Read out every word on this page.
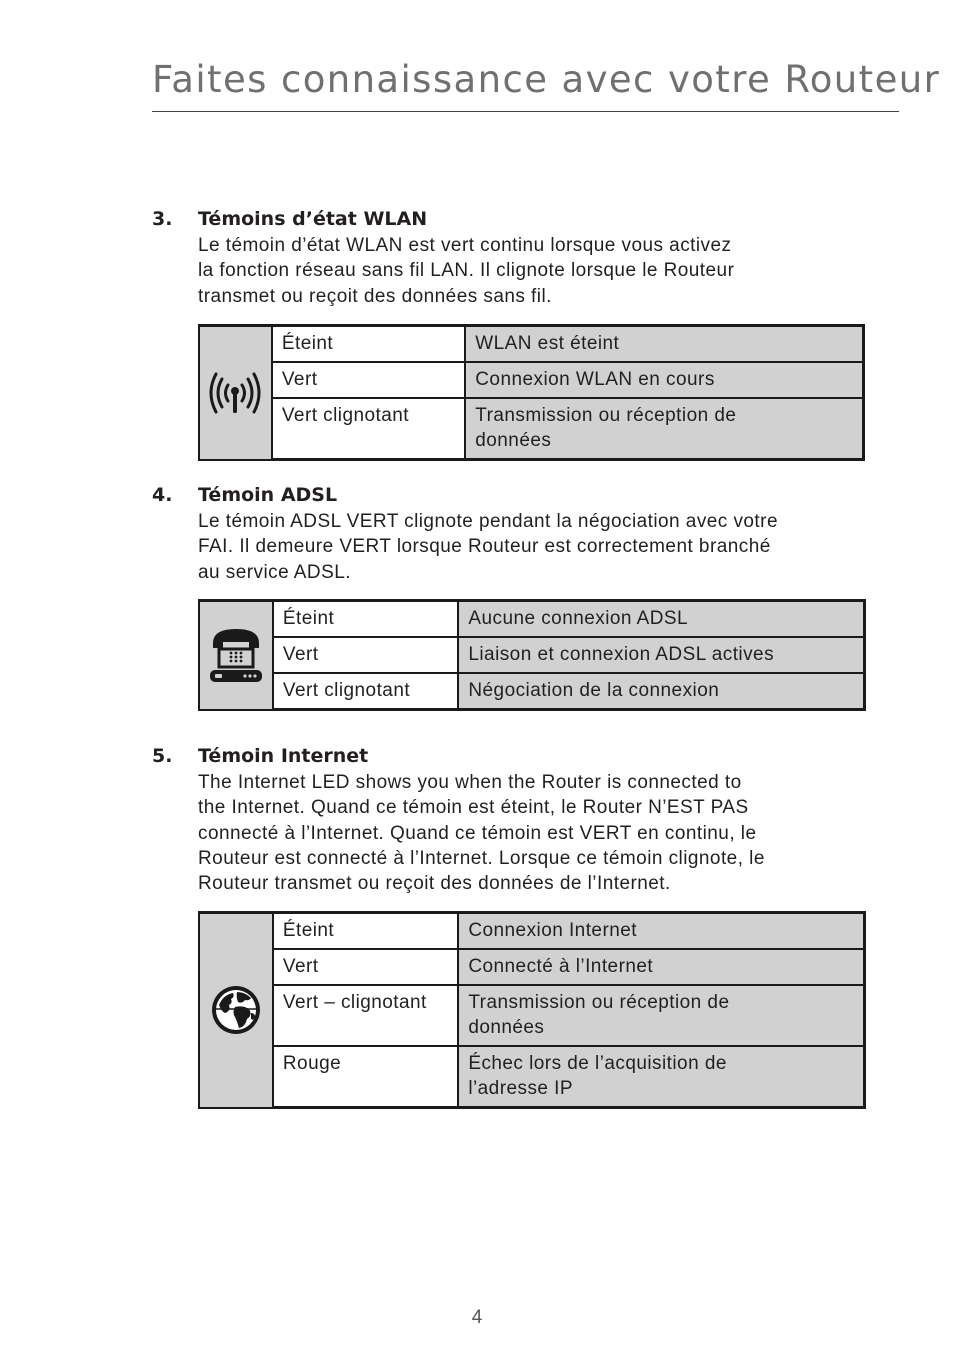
Faites connaissance avec votre Routeur
3. Témoins d’état WLAN
Le témoin d’état WLAN est vert continu lorsque vous activez
la fonction réseau sans fil LAN. Il clignote lorsque le Routeur
transmet ou reçoit des données sans fil.
	Éteint	WLAN est éteint
	Vert	Connexion WLAN en cours
	Vert clignotant	Transmission ou réception de
données
4. Témoin ADSL
Le témoin ADSL VERT clignote pendant la négociation avec votre
FAI. Il demeure VERT lorsque Routeur est correctement branché
au service ADSL.
	Éteint	Aucune connexion ADSL
	Vert	Liaison et connexion ADSL actives
	Vert clignotant	Négociation de la connexion
5. Témoin Internet
The Internet LED shows you when the Router is connected to
the Internet. Quand ce témoin est éteint, le Router N’EST PAS
connecté à l’Internet. Quand ce témoin est VERT en continu, le
Routeur est connecté à l’Internet. Lorsque ce témoin clignote, le
Routeur transmet ou reçoit des données de l’Internet.
	Éteint	Connexion Internet
	Vert	Connecté à l’Internet
	Vert – clignotant	Transmission ou réception de
données
	Rouge	Échec lors de l’acquisition de
l’adresse IP
4
